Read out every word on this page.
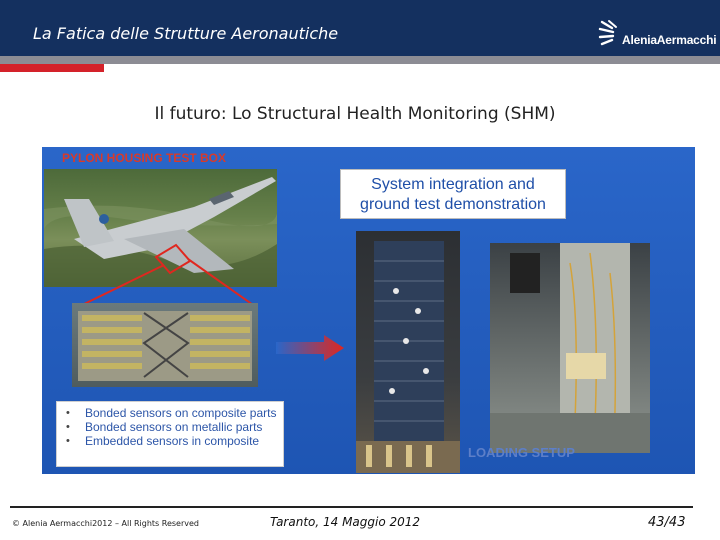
La Fatica delle Strutture Aeronautiche	AleniaAermacchi
Il futuro: Lo Structural Health Monitoring (SHM)
PYLON HOUSING TEST BOX
System integration and
ground test demonstration
• Bonded sensors on composite parts
• Bonded sensors on metallic parts
• Embedded sensors in composite
LOADING SETUP
© Alenia Aermacchi2012 – All Rights Reserved	Taranto, 14 Maggio 2012	43/43
